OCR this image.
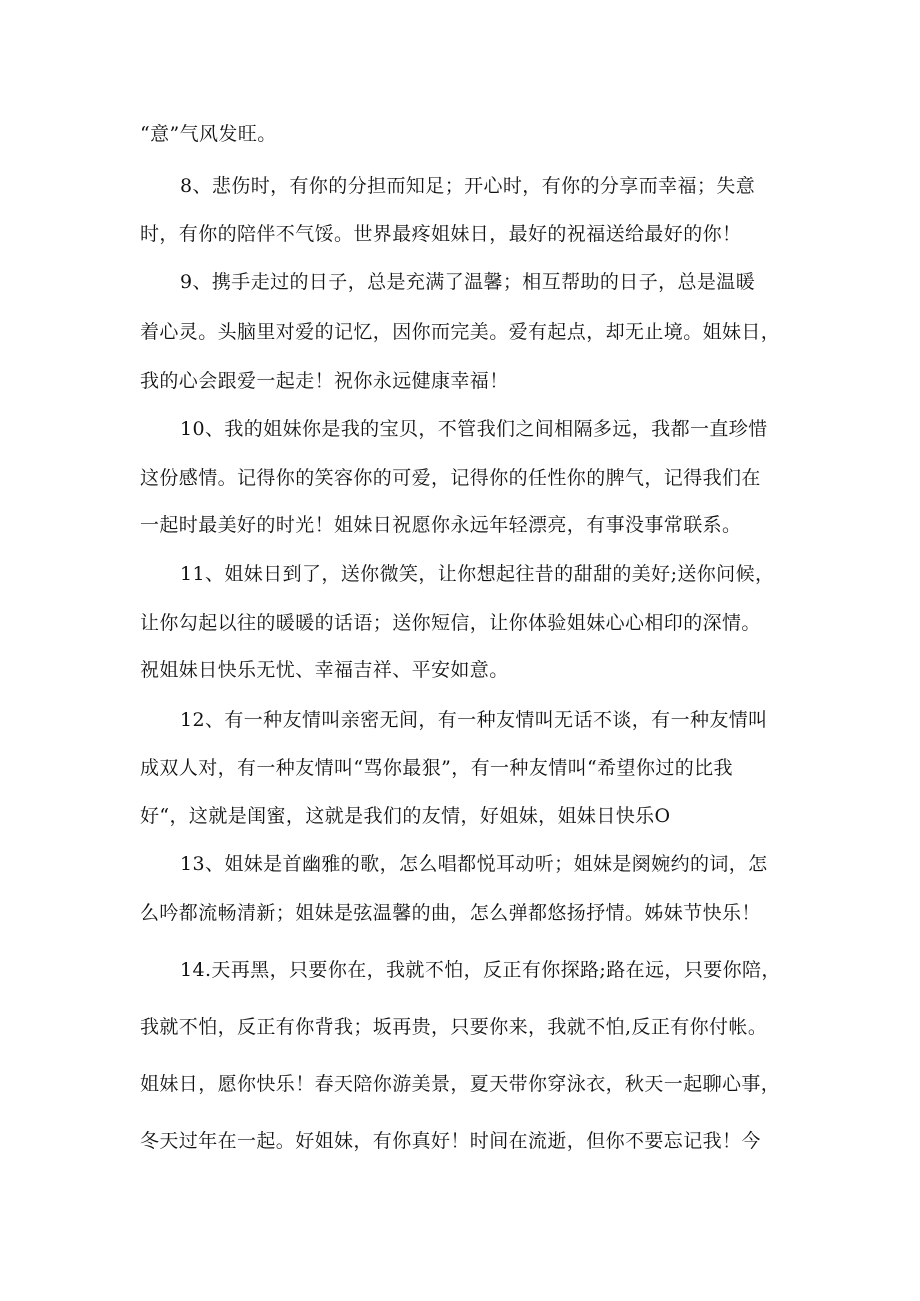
“意”气风发旺。
8、悲伤时，有你的分担而知足；开心时，有你的分享而幸福；失意
时，有你的陪伴不气馁。世界最疼姐妹日，最好的祝福送给最好的你！
9、携手走过的日子，总是充满了温馨；相互帮助的日子，总是温暖
着心灵。头脑里对爱的记忆，因你而完美。爱有起点，却无止境。姐妹日，
我的心会跟爱一起走！祝你永远健康幸福！
10、我的姐妹你是我的宝贝，不管我们之间相隔多远，我都一直珍惜
这份感情。记得你的笑容你的可爱，记得你的任性你的脾气，记得我们在
一起时最美好的时光！姐妹日祝愿你永远年轻漂亮，有事没事常联系。
11、姐妹日到了，送你微笑，让你想起往昔的甜甜的美好;送你问候，
让你勾起以往的暖暖的话语；送你短信，让你体验姐妹心心相印的深情。
祝姐妹日快乐无忧、幸福吉祥、平安如意。
12、有一种友情叫亲密无间，有一种友情叫无话不谈，有一种友情叫
成双人对，有一种友情叫“骂你最狠”，有一种友情叫“希望你过的比我
好“，这就是闺蜜，这就是我们的友情，好姐妹，姐妹日快乐O
13、姐妹是首幽雅的歌，怎么唱都悦耳动听；姐妹是阕婉约的词，怎
么吟都流畅清新；姐妹是弦温馨的曲，怎么弹都悠扬抒情。姊妹节快乐！
14.天再黑，只要你在，我就不怕，反正有你探路;路在远，只要你陪，
我就不怕，反正有你背我；坂再贵，只要你来，我就不怕,反正有你付帐。
姐妹日，愿你快乐！春天陪你游美景，夏天带你穿泳衣，秋天一起聊心事，
冬天过年在一起。好姐妹，有你真好！时间在流逝，但你不要忘记我！今
